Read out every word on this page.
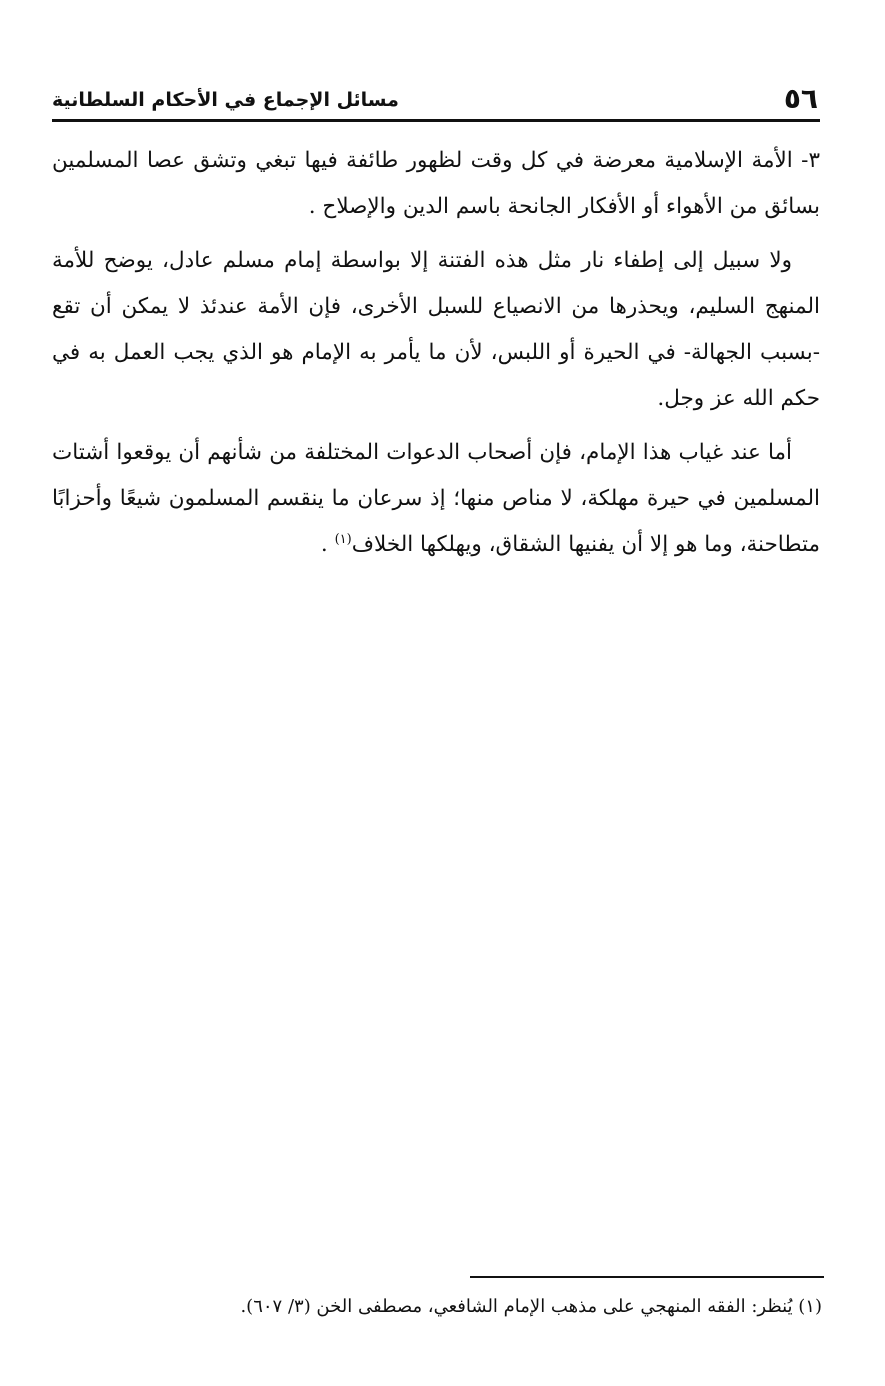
٥٦
مسائل الإجماع في الأحكام السلطانية

٣- الأمة الإسلامية معرضة في كل وقت لظهور طائفة فيها تبغي وتشق عصا المسلمين بسائق من الأهواء أو الأفكار الجانحة باسم الدين والإصلاح .

ولا سبيل إلى إطفاء نار مثل هذه الفتنة إلا بواسطة إمام مسلم عادل، يوضح للأمة المنهج السليم، ويحذرها من الانصياع للسبل الأخرى، فإن الأمة عندئذ لا يمكن أن تقع -بسبب الجهالة- في الحيرة أو اللبس، لأن ما يأمر به الإمام هو الذي يجب العمل به في حكم الله عز وجل.

أما عند غياب هذا الإمام، فإن أصحاب الدعوات المختلفة من شأنهم أن يوقعوا أشتات المسلمين في حيرة مهلكة، لا مناص منها؛ إذ سرعان ما ينقسم المسلمون شيعًا وأحزابًا متطاحنة، وما هو إلا أن يفنيها الشقاق، ويهلكها الخلاف$^{(١)}$ .

(١) يُنظر: الفقه المنهجي على مذهب الإمام الشافعي، مصطفى الخن (٣/ ٦٠٧).
